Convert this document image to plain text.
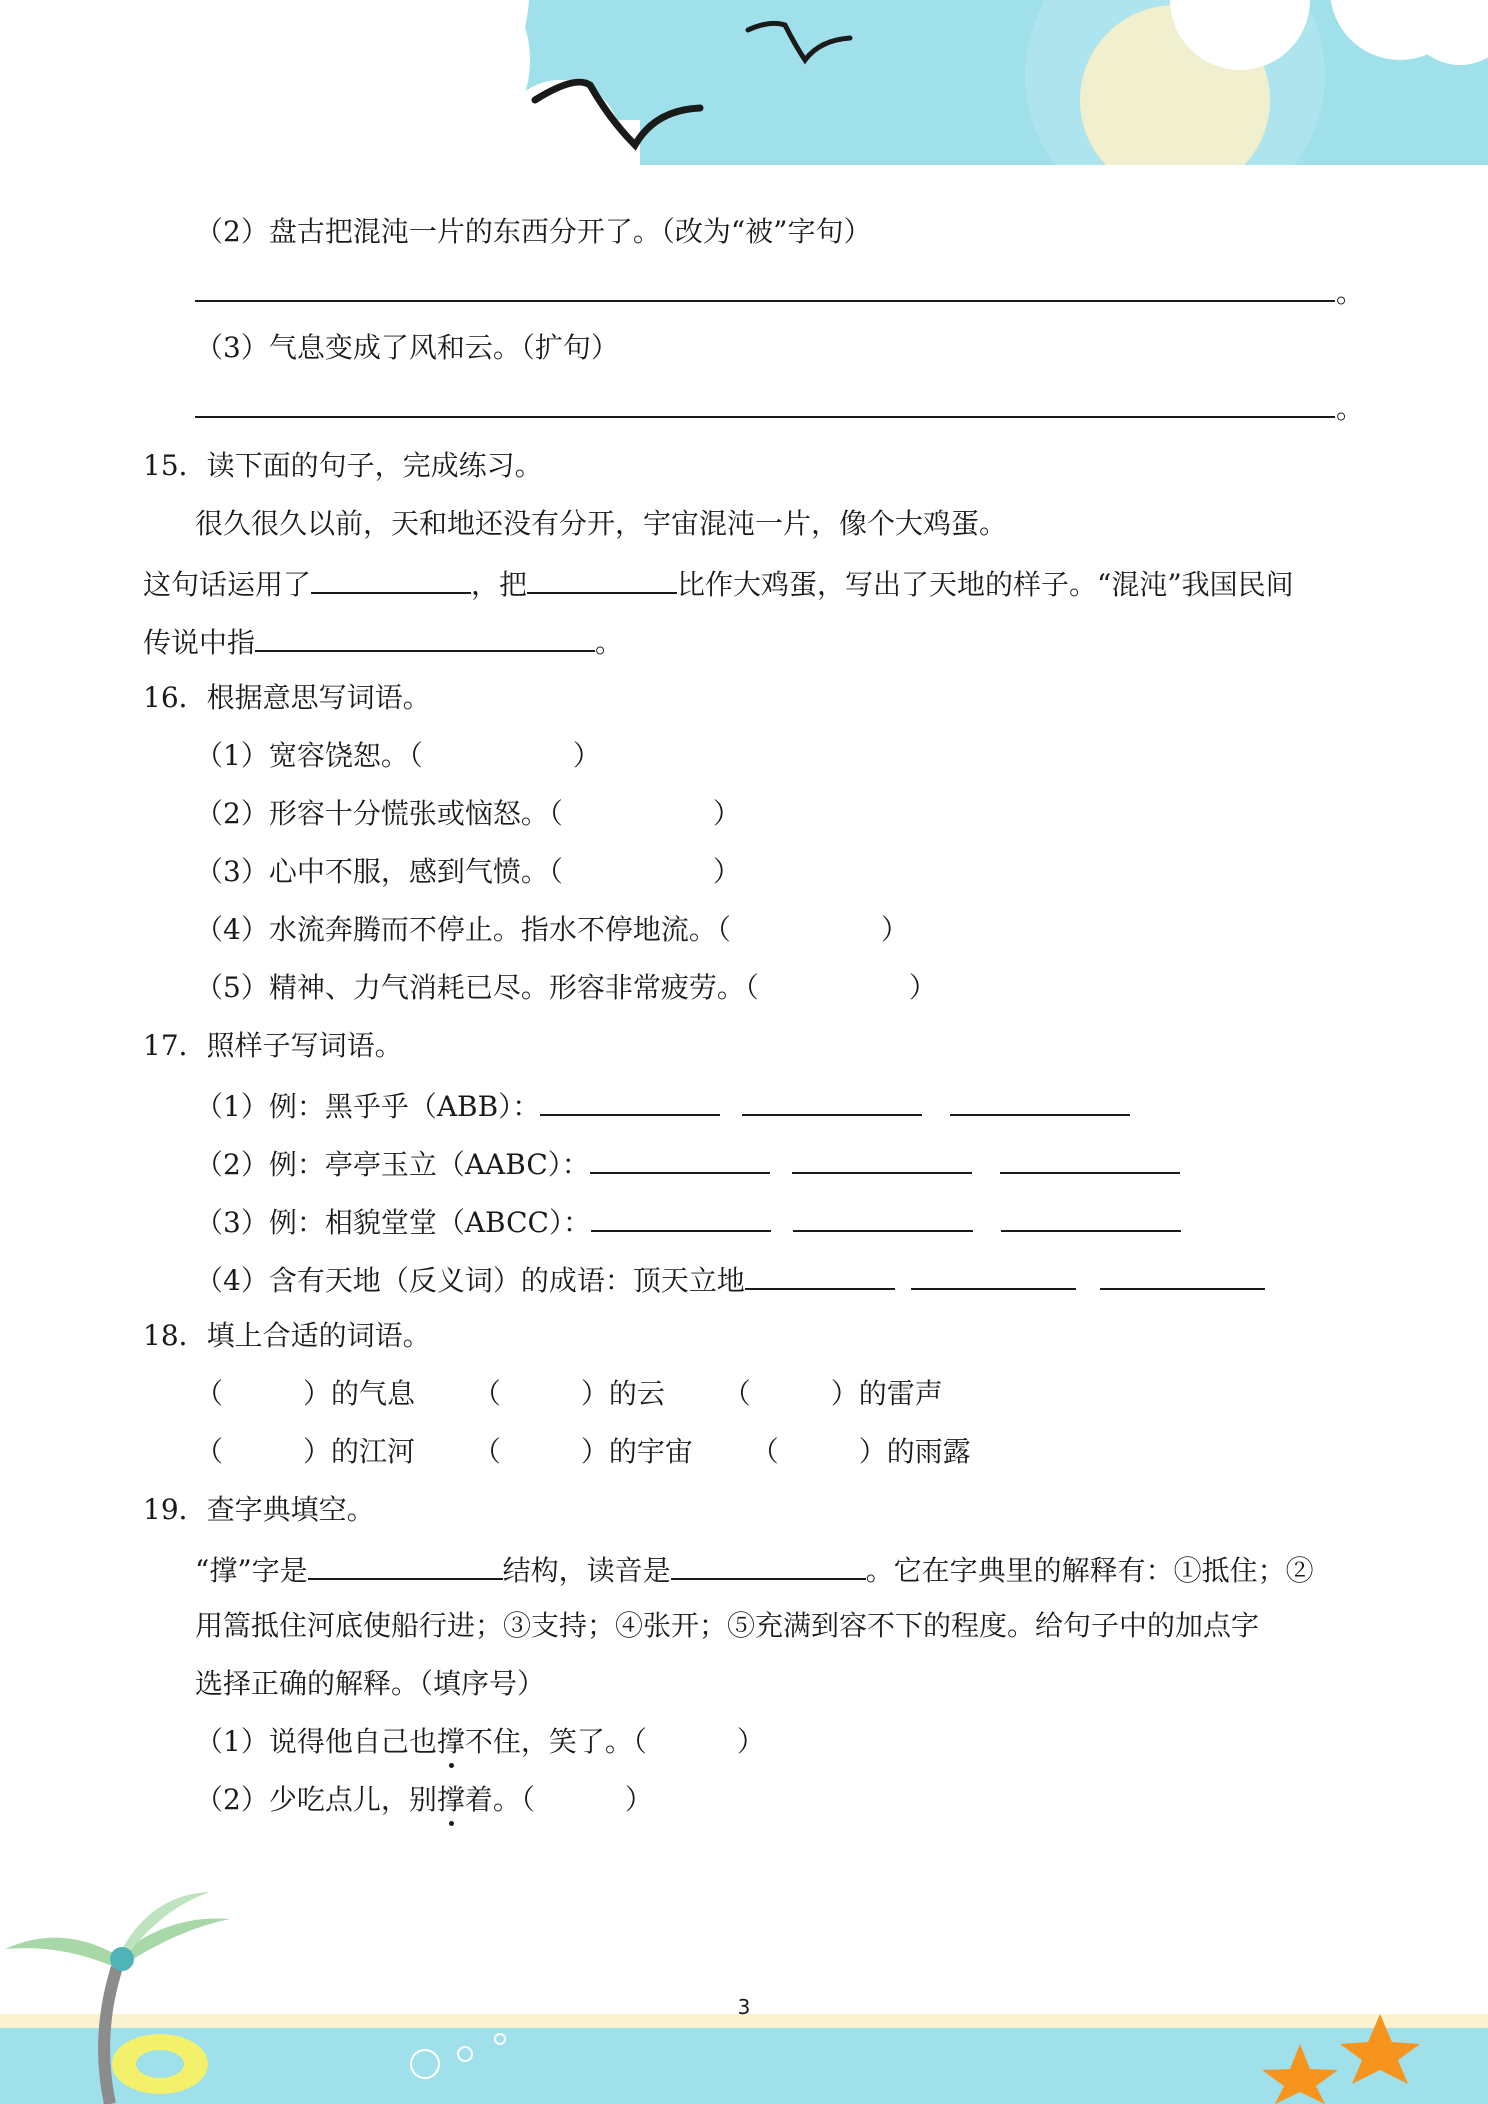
（2）盘古把混沌一片的东西分开了。（改为“被”字句）
。
（3）气息变成了风和云。（扩句）
。
15．读下面的句子，完成练习。
很久很久以前，天和地还没有分开，宇宙混沌一片，像个大鸡蛋。
这句话运用了	，把	比作大鸡蛋，写出了天地的样子。“混沌”我国民间
传说中指	。
16．根据意思写词语。
（1）宽容饶恕。（	）
（2）形容十分慌张或恼怒。（	）
（3）心中不服，感到气愤。（	）
（4）水流奔腾而不停止。指水不停地流。（	）
（5）精神、力气消耗已尽。形容非常疲劳。（	）
17．照样子写词语。
（1）例：黑乎乎（ABB）：
（2）例：亭亭玉立（AABC）：
（3）例：相貌堂堂（ABCC）：
（4）含有天地（反义词）的成语：顶天立地
18．填上合适的词语。
（	）的气息 （	）的云 （	）的雷声
（	）的江河 （	）的宇宙 （	）的雨露
19．查字典填空。
“撑”字是	结构，读音是	。它在字典里的解释有：①抵住；②
用篙抵住河底使船行进；③支持；④张开；⑤充满到容不下的程度。给句子中的加点字
选择正确的解释。（填序号）
（1）说得他自己也撑不住，笑了。（	）
（2）少吃点儿，别撑着。（	）
3
